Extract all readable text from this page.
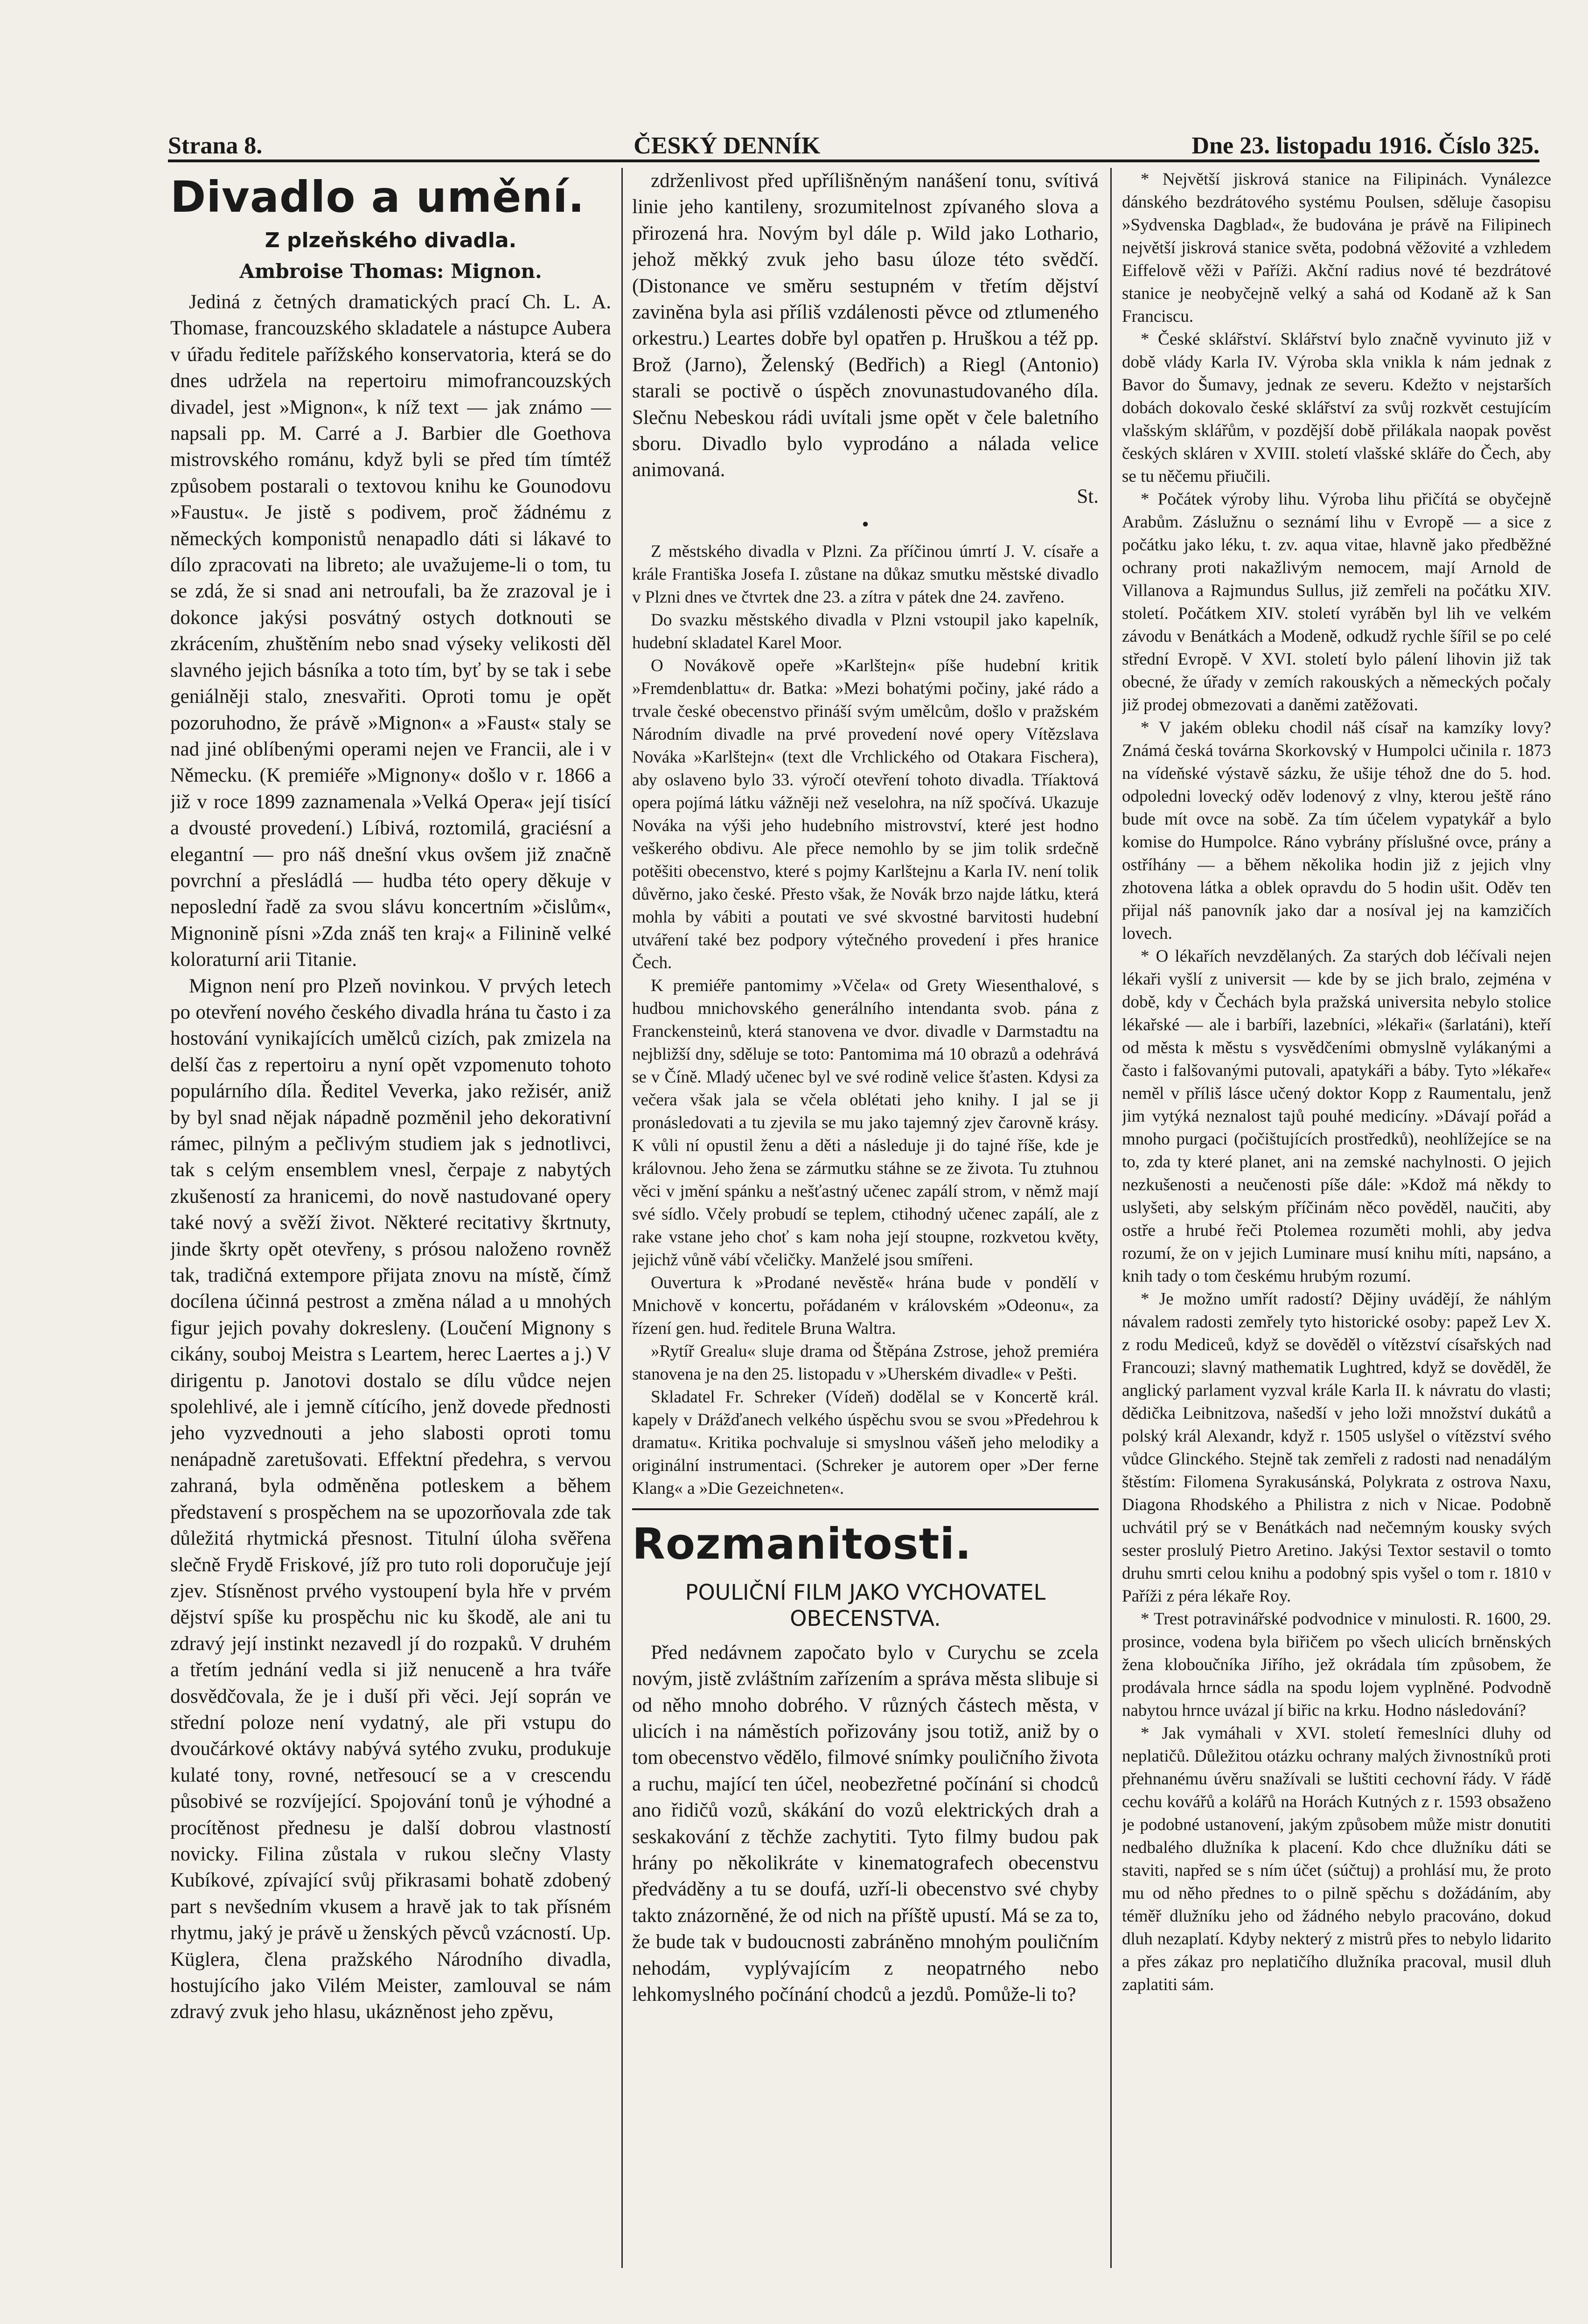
Strana 8.	ČESKÝ DENNÍK	Dne 23. listopadu 1916. Číslo 325.
Divadlo a umění.
Z plzeňského divadla.
Ambroise Thomas: Mignon.

Jediná z četných dramatických prací Ch. L. A. Thomase, francouzského skladatele a nástupce Aubera v úřadu ředitele pařížského konservatoria, která se do dnes udržela na repertoiru mimofrancouzských divadel, jest »Mignon«, k níž text — jak známo — napsali pp. M. Carré a J. Barbier dle Goethova mistrovského románu, když byli se před tím tímtéž způsobem postarali o textovou knihu ke Gounodovu »Faustu«. Je jistě s podivem, proč žádnému z německých komponistů nenapadlo dáti si lákavé to dílo zpracovati na libreto; ale uvažujeme-li o tom, tu se zdá, že si snad ani netroufali, ba že zrazoval je i dokonce jakýsi posvátný ostych dotknouti se zkrácením, zhuštěním nebo snad výseky velikosti děl slavného jejich básníka a toto tím, byť by se tak i sebe geniálněji stalo, znesvařiti. Oproti tomu je opět pozoruhodno, že právě »Mignon« a »Faust« staly se nad jiné oblíbenými operami nejen ve Francii, ale i v Německu. (K premiéře »Mignony« došlo v r. 1866 a již v roce 1899 zaznamenala »Velká Opera« její tisící a dvousté provedení.) Líbivá, roztomilá, graciésní a elegantní — pro náš dnešní vkus ovšem již značně povrchní a přesládlá — hudba této opery děkuje v neposlední řadě za svou slávu koncertním »čislům«, Mignonině písni »Zda znáš ten kraj« a Filinině velké koloraturní arii Titanie.

Mignon není pro Plzeň novinkou. V prvých letech po otevření nového českého divadla hrána tu často i za hostování vynikajících umělců cizích, pak zmizela na delší čas z repertoiru a nyní opět vzpomenuto tohoto populárního díla. Ředitel Veverka, jako režisér, aniž by byl snad nějak nápadně pozměnil jeho dekorativní rámec, pilným a pečlivým studiem jak s jednotlivci, tak s celým ensemblem vnesl, čerpaje z nabytých zkušeností za hranicemi, do nově nastudované opery také nový a svěží život. Některé recitativy škrtnuty, jinde škrty opět otevřeny, s prósou naloženo rovněž tak, tradičná extempore přijata znovu na místě, čímž docílena účinná pestrost a změna nálad a u mnohých figur jejich povahy dokresleny. (Loučení Mignony s cikány, souboj Meistra s Leartem, herec Laertes a j.) V dirigentu p. Janotovi dostalo se dílu vůdce nejen spolehlivé, ale i jemně cítícího, jenž dovede přednosti jeho vyzvednouti a jeho slabosti oproti tomu nenápadně zaretušovati. Effektní předehra, s vervou zahraná, byla odměněna potleskem a během představení s prospěchem na se upozorňovala zde tak důležitá rhytmická přesnost. Titulní úloha svěřena slečně Frydě Friskové, jíž pro tuto roli doporučuje její zjev. Stísněnost prvého vystoupení byla hře v prvém dějství spíše ku prospěchu nic ku škodě, ale ani tu zdravý její instinkt nezavedl jí do rozpaků. V druhém a třetím jednání vedla si již nenuceně a hra tváře dosvědčovala, že je i duší při věci. Její soprán ve střední poloze není vydatný, ale při vstupu do dvoučárkové oktávy nabývá sytého zvuku, produkuje kulaté tony, rovné, netřesoucí se a v crescendu působivé se rozvíjející. Spojování tonů je výhodné a procítěnost přednesu je další dobrou vlastností novicky. Filina zůstala v rukou slečny Vlasty Kubíkové, zpívající svůj přikrasami bohatě zdobený part s nevšedním vkusem a hravě jak to tak přísném rhytmu, jaký je právě u ženských pěvců vzácností. Up. Küglera, člena pražského Národního divadla, hostujícího jako Vilém Meister, zamlouval se nám zdravý zvuk jeho hlasu, ukázněnost jeho zpěvu,

zdrženlivost před upřílišněným nanášení tonu, svítivá linie jeho kantileny, srozumitelnost zpívaného slova a přirozená hra. Novým byl dále p. Wild jako Lothario, jehož měkký zvuk jeho basu úloze této svědčí. (Distonance ve směru sestupném v třetím dějství zaviněna byla asi příliš vzdálenosti pěvce od ztlumeného orkestru.) Leartes dobře byl opatřen p. Hruškou a též pp. Brož (Jarno), Želenský (Bedřich) a Riegl (Antonio) starali se poctivě o úspěch znovunastudovaného díla. Slečnu Nebeskou rádi uvítali jsme opět v čele baletního sboru. Divadlo bylo vyprodáno a nálada velice animovaná.

St.
•

Z městského divadla v Plzni. Za příčinou úmrtí J. V. císaře a krále Františka Josefa I. zůstane na důkaz smutku městské divadlo v Plzni dnes ve čtvrtek dne 23. a zítra v pátek dne 24. zavřeno.

Do svazku městského divadla v Plzni vstoupil jako kapelník, hudební skladatel Karel Moor.

O Novákově opeře »Karlštejn« píše hudební kritik »Fremdenblattu« dr. Batka: »Mezi bohatými počiny, jaké rádo a trvale české obecenstvo přináší svým umělcům, došlo v pražském Národním divadle na prvé provedení nové opery Vítězslava Nováka »Karlštejn« (text dle Vrchlického od Otakara Fischera), aby oslaveno bylo 33. výročí otevření tohoto divadla. Tříaktová opera pojímá látku vážněji než veselohra, na níž spočívá. Ukazuje Nováka na výši jeho hudebního mistrovství, které jest hodno veškerého obdivu. Ale přece nemohlo by se jim tolik srdečně potěšiti obecenstvo, které s pojmy Karlštejnu a Karla IV. není tolik důvěrno, jako české. Přesto však, že Novák brzo najde látku, která mohla by vábiti a poutati ve své skvostné barvitosti hudební utváření také bez podpory výtečného provedení i přes hranice Čech.

K premiéře pantomimy »Včela« od Grety Wiesenthalové, s hudbou mnichovského generálního intendanta svob. pána z Franckensteinů, která stanovena ve dvor. divadle v Darmstadtu na nejbližší dny, sděluje se toto: Pantomima má 10 obrazů a odehrává se v Číně. Mladý učenec byl ve své rodině velice šťasten. Kdysi za večera však jala se včela oblétati jeho knihy. I jal se ji pronásledovati a tu zjevila se mu jako tajemný zjev čarovně krásy. K vůli ní opustil ženu a děti a následuje ji do tajné říše, kde je královnou. Jeho žena se zármutku stáhne se ze života. Tu ztuhnou věci v jmění spánku a nešťastný učenec zapálí strom, v němž mají své sídlo. Včely probudí se teplem, ctihodný učenec zapálí, ale z rake vstane jeho choť s kam noha její stoupne, rozkvetou květy, jejichž vůně vábí včeličky. Manželé jsou smířeni.

Ouvertura k »Prodané nevěstě« hrána bude v pondělí v Mnichově v koncertu, pořádaném v královském »Odeonu«, za řízení gen. hud. ředitele Bruna Waltra.

»Rytíř Grealu« sluje drama od Štěpána Zstrose, jehož premiéra stanovena je na den 25. listopadu v »Uherském divadle« v Pešti.

Skladatel Fr. Schreker (Vídeň) dodělal se v Koncertě král. kapely v Drážďanech velkého úspěchu svou se svou »Předehrou k dramatu«. Kritika pochvaluje si smyslnou vášeň jeho melodiky a originální instrumentaci. (Schreker je autorem oper »Der ferne Klang« a »Die Gezeichneten«.

Rozmanitosti.
POULIČNÍ FILM JAKO VYCHOVATEL OBECENSTVA.

Před nedávnem započato bylo v Curychu se zcela novým, jistě zvláštním zařízením a správa města slibuje si od něho mnoho dobrého. V různých částech města, v ulicích i na náměstích pořizovány jsou totiž, aniž by o tom obecenstvo vědělo, filmové snímky pouličního života a ruchu, mající ten účel, neobezřetné počínání si chodců ano řidičů vozů, skákání do vozů elektrických drah a seskakování z těchže zachytiti. Tyto filmy budou pak hrány po několikráte v kinematografech obecenstvu předváděny a tu se doufá, uzří-li obecenstvo své chyby takto znázorněné, že od nich na příště upustí. Má se za to, že bude tak v budoucnosti zabráněno mnohým pouličním nehodám, vyplývajícím z neopatrného nebo lehkomyslného počínání chodců a jezdů. Pomůže-li to?

* Největší jiskrová stanice na Filipinách. Vynálezce dánského bezdrátového systému Poulsen, sděluje časopisu »Sydvenska Dagblad«, že budována je právě na Filipinech největší jiskrová stanice světa, podobná věžovité a vzhledem Eiffelově věži v Paříži. Akční radius nové té bezdrátové stanice je neobyčejně velký a sahá od Kodaně až k San Franciscu.

* České sklářství. Sklářství bylo značně vyvinuto již v době vlády Karla IV. Výroba skla vnikla k nám jednak z Bavor do Šumavy, jednak ze severu. Kdežto v nejstarších dobách dokovalo české sklářství za svůj rozkvět cestujícím vlašským sklářům, v pozdější době přilákala naopak pověst českých skláren v XVIII. století vlašské skláře do Čech, aby se tu něčemu přiučili.

* Počátek výroby lihu. Výroba lihu přičítá se obyčejně Arabům. Záslužnu o seznámí lihu v Evropě — a sice z počátku jako léku, t. zv. aqua vitae, hlavně jako předběžné ochrany proti nakažlivým nemocem, mají Arnold de Villanova a Rajmundus Sullus, již zemřeli na počátku XIV. století. Počátkem XIV. století vyráběn byl lih ve velkém závodu v Benátkách a Modeně, odkudž rychle šířil se po celé střední Evropě. V XVI. století bylo pálení lihovin již tak obecné, že úřady v zemích rakouských a německých počaly již prodej obmezovati a daněmi zatěžovati.

* V jakém obleku chodil náš císař na kamzíky lovy? Známá česká továrna Skorkovský v Humpolci učinila r. 1873 na vídeňské výstavě sázku, že ušije téhož dne do 5. hod. odpoledni lovecký oděv lodenový z vlny, kterou ještě ráno bude mít ovce na sobě. Za tím účelem vypatykář a bylo komise do Humpolce. Ráno vybrány příslušné ovce, prány a ostříhány — a během několika hodin již z jejich vlny zhotovena látka a oblek opravdu do 5 hodin ušit. Oděv ten přijal náš panovník jako dar a nosíval jej na kamzičích lovech.

* O lékařích nevzdělaných. Za starých dob léčívali nejen lékaři vyšlí z universit — kde by se jich bralo, zejména v době, kdy v Čechách byla pražská universita nebylo stolice lékařské — ale i barbíři, lazebníci, »lékaři« (šarlatáni), kteří od města k městu s vysvědčeními obmyslně vylákanými a často i falšovanými putovali, apatykáři a báby. Tyto »lékaře« neměl v příliš lásce učený doktor Kopp z Raumentalu, jenž jim vytýká neznalost tajů pouhé medicíny. »Dávají pořád a mnoho purgaci (počištujících prostředků), neohlížejíce se na to, zda ty které planet, ani na zemské nachylnosti. O jejich nezkušenosti a neučenosti píše dále: »Kdož má někdy to uslyšeti, aby selským příčinám něco pověděl, naučiti, aby ostře a hrubé řeči Ptolemea rozuměti mohli, aby jedva rozumí, že on v jejich Luminare musí knihu míti, napsáno, a knih tady o tom českému hrubým rozumí.

* Je možno umřít radostí? Dějiny uvádějí, že náhlým návalem radosti zemřely tyto historické osoby: papež Lev X. z rodu Mediceů, když se dověděl o vítězství císařských nad Francouzi; slavný mathematik Lughtred, když se dověděl, že anglický parlament vyzval krále Karla II. k návratu do vlasti; dědička Leibnitzova, našedší v jeho loži množství dukátů a polský král Alexandr, když r. 1505 uslyšel o vítězství svého vůdce Glinckého. Stejně tak zemřeli z radosti nad nenadálým štěstím: Filomena Syrakusánská, Polykrata z ostrova Naxu, Diagona Rhodského a Philistra z nich v Nicae. Podobně uchvátil prý se v Benátkách nad nečemným kousky svých sester proslulý Pietro Aretino. Jakýsi Textor sestavil o tomto druhu smrti celou knihu a podobný spis vyšel o tom r. 1810 v Paříži z péra lékaře Roy.

* Trest potravinářské podvodnice v minulosti. R. 1600, 29. prosince, vodena byla biřičem po všech ulicích brněnských žena kloboučníka Jiřího, jež okrádala tím způsobem, že prodávala hrnce sádla na spodu lojem vyplněné. Podvodně nabytou hrnce uvázal jí biřic na krku. Hodno následování?

* Jak vymáhali v XVI. století řemeslníci dluhy od neplatičů. Důležitou otázku ochrany malých živnostníků proti přehnanému úvěru snažívali se luštiti cechovní řády. V řádě cechu kovářů a kolářů na Horách Kutných z r. 1593 obsaženo je podobné ustanovení, jakým způsobem může mistr donutiti nedbalého dlužníka k placení. Kdo chce dlužníku dáti se staviti, napřed se s ním účet (súčtuj) a prohlásí mu, že proto mu od něho přednes to o pilně spěchu s dožádáním, aby téměř dlužníku jeho od žádného nebylo pracováno, dokud dluh nezaplatí. Kdyby nekterý z mistrů přes to nebylo lidarito a přes zákaz pro neplatičího dlužníka pracoval, musil dluh zaplatiti sám.
